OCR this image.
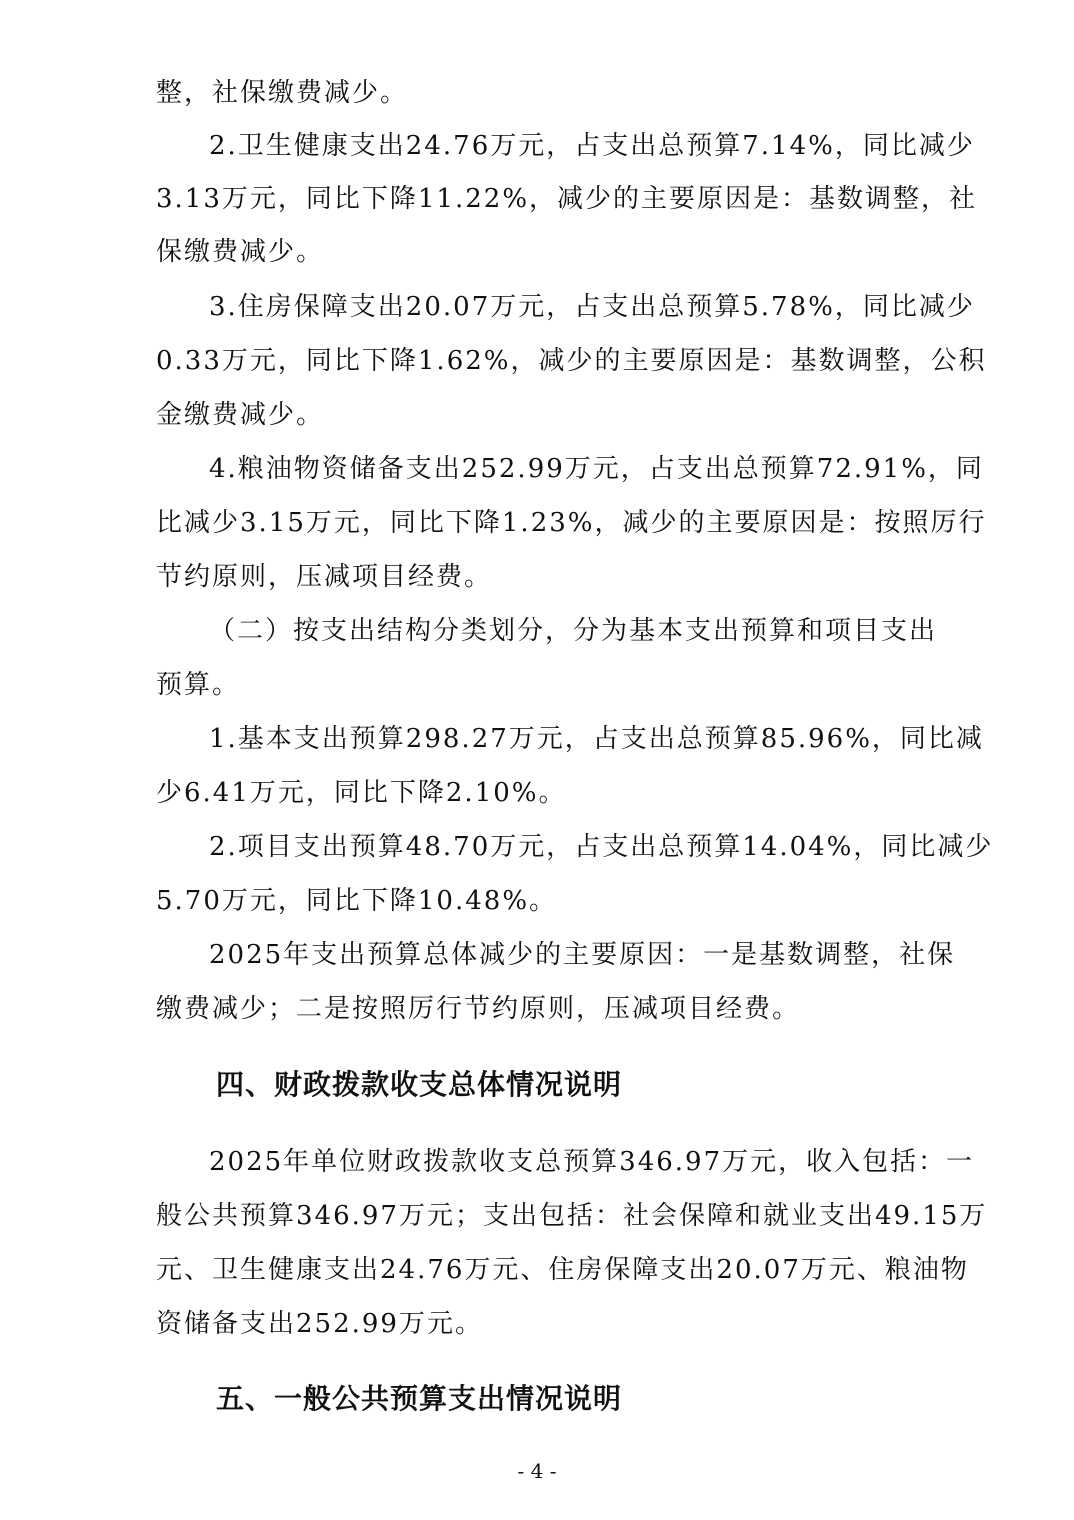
整，社保缴费减少。

2.卫生健康支出24.76万元，占支出总预算7.14%，同比减少

3.13万元，同比下降11.22%，减少的主要原因是：基数调整，社

保缴费减少。

3.住房保障支出20.07万元，占支出总预算5.78%，同比减少

0.33万元，同比下降1.62%，减少的主要原因是：基数调整，公积

金缴费减少。

4.粮油物资储备支出252.99万元，占支出总预算72.91%，同

比减少3.15万元，同比下降1.23%，减少的主要原因是：按照厉行

节约原则，压减项目经费。

（二）按支出结构分类划分，分为基本支出预算和项目支出

预算。

1.基本支出预算298.27万元，占支出总预算85.96%，同比减

少6.41万元，同比下降2.10%。

2.项目支出预算48.70万元，占支出总预算14.04%，同比减少

5.70万元，同比下降10.48%。

2025年支出预算总体减少的主要原因：一是基数调整，社保

缴费减少；二是按照厉行节约原则，压减项目经费。

四、财政拨款收支总体情况说明

2025年单位财政拨款收支总预算346.97万元，收入包括：一

般公共预算346.97万元；支出包括：社会保障和就业支出49.15万

元、卫生健康支出24.76万元、住房保障支出20.07万元、粮油物

资储备支出252.99万元。

五、一般公共预算支出情况说明

- 4 -
